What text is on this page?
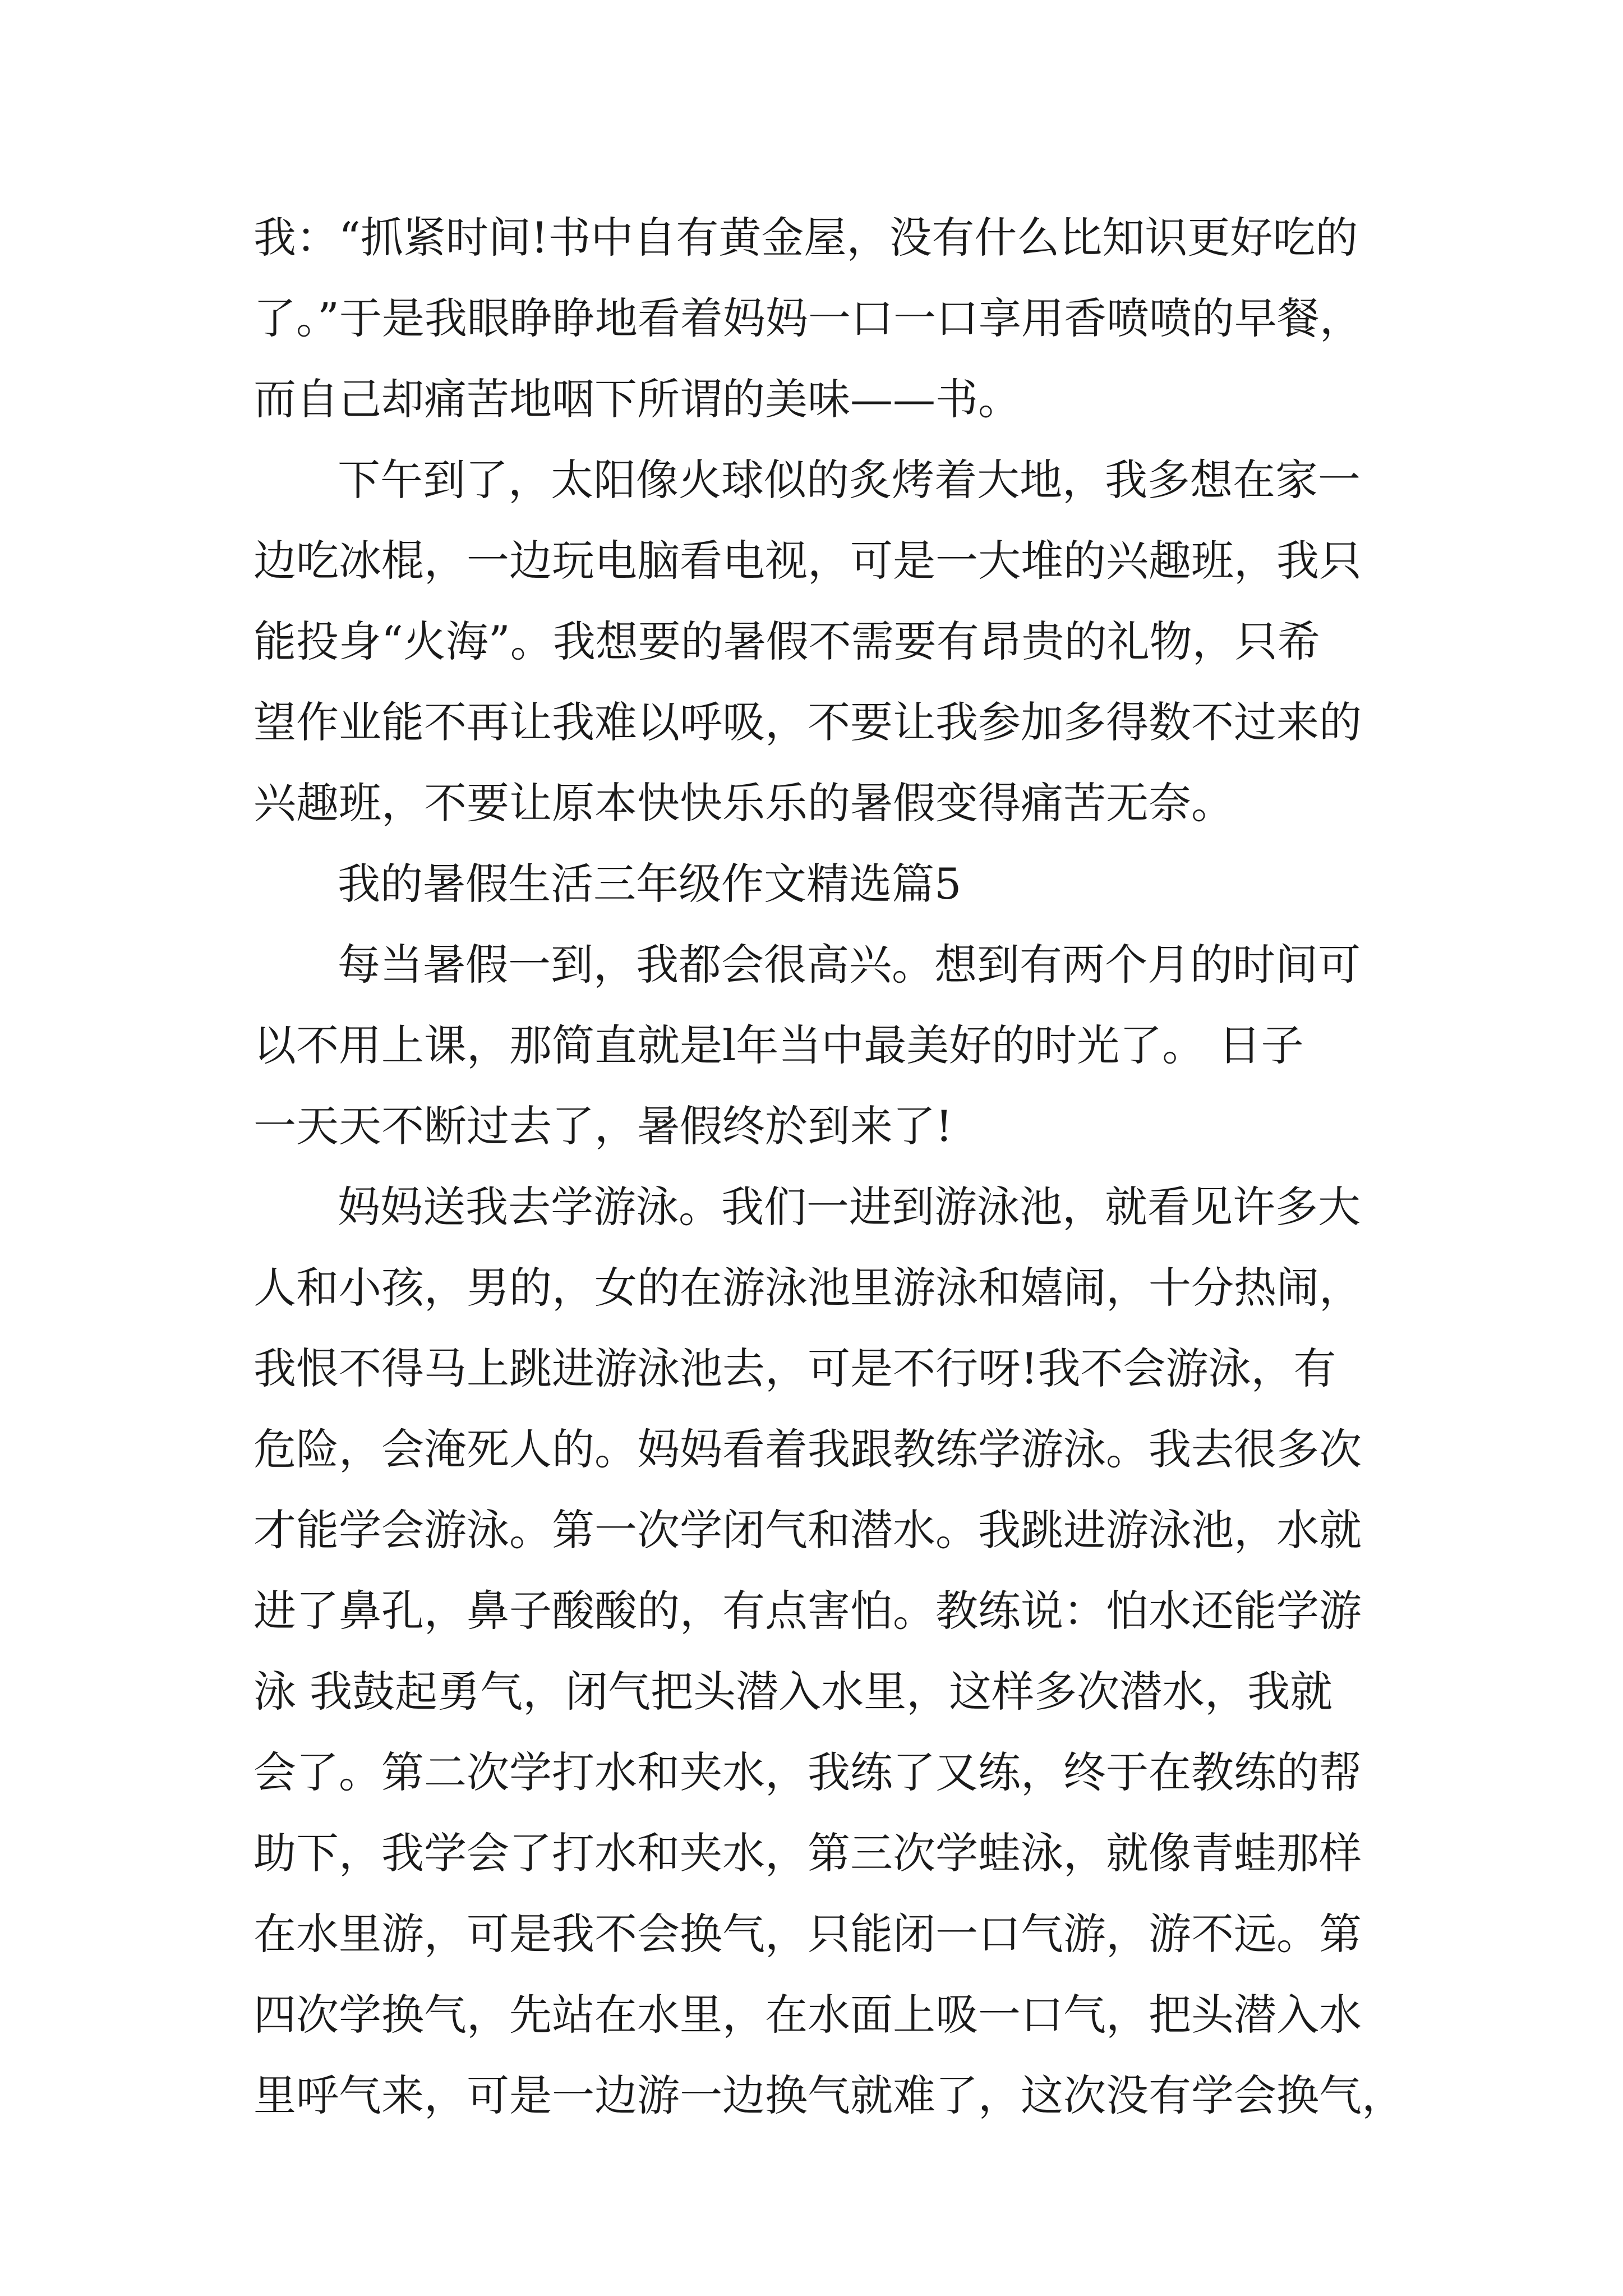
我：“抓紧时间!书中自有黄金屋，没有什么比知识更好吃的
了。”于是我眼睁睁地看着妈妈一口一口享用香喷喷的早餐，
而自己却痛苦地咽下所谓的美味——书。
下午到了，太阳像火球似的炙烤着大地，我多想在家一
边吃冰棍，一边玩电脑看电视，可是一大堆的兴趣班，我只
能投身“火海”。我想要的暑假不需要有昂贵的礼物，只希
望作业能不再让我难以呼吸，不要让我参加多得数不过来的
兴趣班，不要让原本快快乐乐的暑假变得痛苦无奈。
我的暑假生活三年级作文精选篇5
每当暑假一到，我都会很高兴。想到有两个月的时间可
以不用上课，那简直就是l年当中最美好的时光了。 日子
一天天不断过去了，暑假终於到来了!
妈妈送我去学游泳。我们一进到游泳池，就看见许多大
人和小孩，男的，女的在游泳池里游泳和嬉闹，十分热闹，
我恨不得马上跳进游泳池去，可是不行呀!我不会游泳，有
危险，会淹死人的。妈妈看着我跟教练学游泳。我去很多次
才能学会游泳。第一次学闭气和潜水。我跳进游泳池，水就
进了鼻孔，鼻子酸酸的，有点害怕。教练说：怕水还能学游
泳 我鼓起勇气，闭气把头潜入水里，这样多次潜水，我就
会了。第二次学打水和夹水，我练了又练，终于在教练的帮
助下，我学会了打水和夹水，第三次学蛙泳，就像青蛙那样
在水里游，可是我不会换气，只能闭一口气游，游不远。第
四次学换气，先站在水里，在水面上吸一口气，把头潜入水
里呼气来，可是一边游一边换气就难了，这次没有学会换气，
